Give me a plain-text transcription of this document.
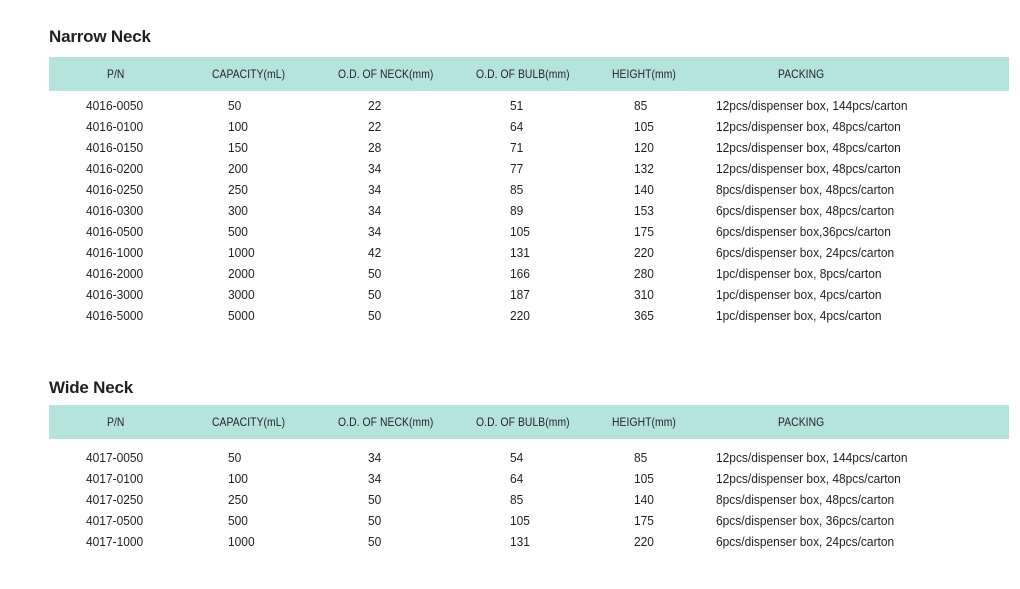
Narrow Neck
P/N	CAPACITY(mL)	O.D. OF NECK(mm)	O.D. OF BULB(mm)	HEIGHT(mm)	PACKING
4016-0050	50	22	51	85	12pcs/dispenser box, 144pcs/carton
4016-0100	100	22	64	105	12pcs/dispenser box, 48pcs/carton
4016-0150	150	28	71	120	12pcs/dispenser box, 48pcs/carton
4016-0200	200	34	77	132	12pcs/dispenser box, 48pcs/carton
4016-0250	250	34	85	140	8pcs/dispenser box, 48pcs/carton
4016-0300	300	34	89	153	6pcs/dispenser box, 48pcs/carton
4016-0500	500	34	105	175	6pcs/dispenser box,36pcs/carton
4016-1000	1000	42	131	220	6pcs/dispenser box, 24pcs/carton
4016-2000	2000	50	166	280	1pc/dispenser box, 8pcs/carton
4016-3000	3000	50	187	310	1pc/dispenser box, 4pcs/carton
4016-5000	5000	50	220	365	1pc/dispenser box, 4pcs/carton
Wide Neck
P/N	CAPACITY(mL)	O.D. OF NECK(mm)	O.D. OF BULB(mm)	HEIGHT(mm)	PACKING
4017-0050	50	34	54	85	12pcs/dispenser box, 144pcs/carton
4017-0100	100	34	64	105	12pcs/dispenser box, 48pcs/carton
4017-0250	250	50	85	140	8pcs/dispenser box, 48pcs/carton
4017-0500	500	50	105	175	6pcs/dispenser box, 36pcs/carton
4017-1000	1000	50	131	220	6pcs/dispenser box, 24pcs/carton
